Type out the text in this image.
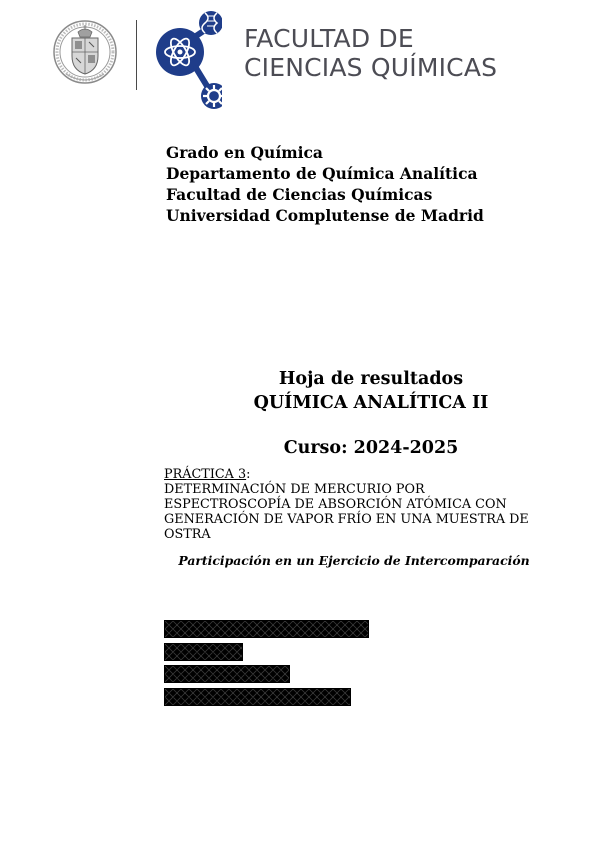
FACULTAD DE
CIENCIAS QUÍMICAS
Grado en Química
Departamento de Química Analítica
Facultad de Ciencias Químicas
Universidad Complutense de Madrid
Hoja de resultados
QUÍMICA ANALÍTICA II
Curso: 2024-2025
PRÁCTICA 3:
DETERMINACIÓN DE MERCURIO POR
ESPECTROSCOPÍA DE ABSORCIÓN ATÓMICA CON
GENERACIÓN DE VAPOR FRÍO EN UNA MUESTRA DE
OSTRA
Participación en un Ejercicio de Intercomparación
